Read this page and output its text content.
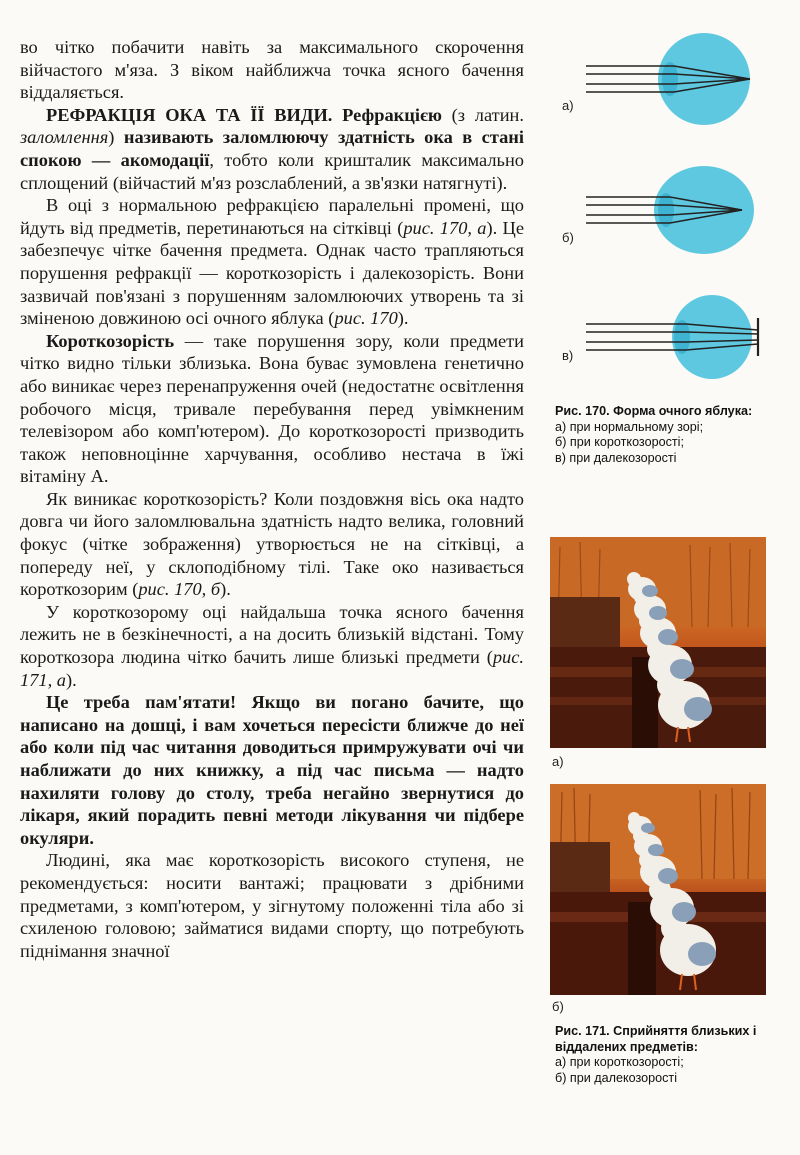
во чітко побачити навіть за максимального скорочення війчастого м'яза. З віком найближча точка ясного бачення віддаляється.

РЕФРАКЦІЯ ОКА ТА ЇЇ ВИДИ. Рефракцією (з латин. заломлення) називають заломлюючу здатність ока в стані спокою — акомодації, тобто коли кришталик максимально сплощений (війчастий м'яз розслаблений, а зв'язки натягнуті).

В оці з нормальною рефракцією паралельні промені, що йдуть від предметів, перетинаються на сітківці (рис. 170, а). Це забезпечує чітке бачення предмета. Однак часто трапляються порушення рефракції — короткозорість і далекозорість. Вони зазвичай пов'язані з порушенням заломлюючих утворень та зі зміненою довжиною осі очного яблука (рис. 170).

Короткозорість — таке порушення зору, коли предмети чітко видно тільки зблизька. Вона буває зумовлена генетично або виникає через перенапруження очей (недостатнє освітлення робочого місця, тривале перебування перед увімкненим телевізором або комп'ютером). До короткозорості призводить також неповноцінне харчування, особливо нестача в їжі вітаміну А.

Як виникає короткозорість? Коли поздовжня вісь ока надто довга чи його заломлювальна здатність надто велика, головний фокус (чітке зображення) утворюється не на сітківці, а попереду неї, у склоподібному тілі. Таке око називається короткозорим (рис. 170, б).

У короткозорому оці найдальша точка ясного бачення лежить не в безкінечності, а на досить близькій відстані. Тому короткозора людина чітко бачить лише близькі предмети (рис. 171, а).

Це треба пам'ятати! Якщо ви погано бачите, що написано на дошці, і вам хочеться пересісти ближче до неї або коли під час читання доводиться примружувати очі чи наближати до них книжку, а під час письма — надто нахиляти голову до столу, треба негайно звернутися до лікаря, який порадить певні методи лікування чи підбере окуляри.

Людині, яка має короткозорість високого ступеня, не рекомендується: носити вантажі; працювати з дрібними предметами, з комп'ютером, у зігнутому положенні тіла або зі схиленою головою; займатися видами спорту, що потребують піднімання значної

а)
б)
в)
Рис. 170. Форма очного яблука:
а) при нормальному зорі;
б) при короткозорості;
в) при далекозорості
а)
б)
Рис. 171. Сприйняття близьких і віддалених предметів:
а) при короткозорості;
б) при далекозорості
